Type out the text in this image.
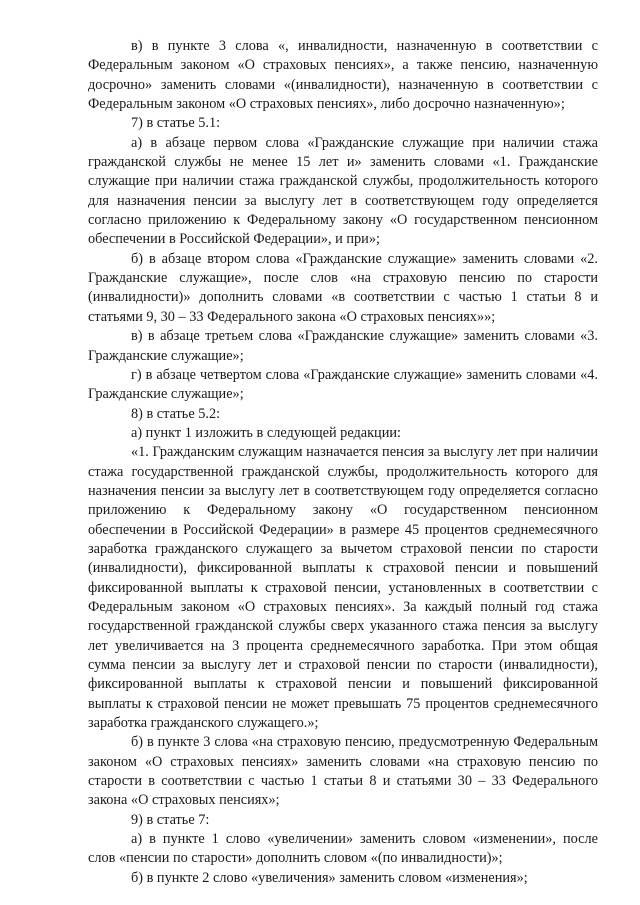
в) в пункте 3 слова «, инвалидности, назначенную в соответствии с Федеральным законом «О страховых пенсиях», а также пенсию, назначенную досрочно» заменить словами «(инвалидности), назначенную в соответствии с Федеральным законом «О страховых пенсиях», либо досрочно назначенную»;

7) в статье 5.1:

а) в абзаце первом слова «Гражданские служащие при наличии стажа гражданской службы не менее 15 лет и» заменить словами «1. Гражданские служащие при наличии стажа гражданской службы, продолжительность которого для назначения пенсии за выслугу лет в соответствующем году определяется согласно приложению к Федеральному закону «О государственном пенсионном обеспечении в Российской Федерации», и при»;

б) в абзаце втором слова «Гражданские служащие» заменить словами «2. Гражданские служащие», после слов «на страховую пенсию по старости (инвалидности)» дополнить словами «в соответствии с частью 1 статьи 8 и статьями 9, 30 – 33 Федерального закона «О страховых пенсиях»»;

в) в абзаце третьем слова «Гражданские служащие» заменить словами «3. Гражданские служащие»;

г) в абзаце четвертом слова «Гражданские служащие» заменить словами «4. Гражданские служащие»;

8) в статье 5.2:

а) пункт 1 изложить в следующей редакции:

«1. Гражданским служащим назначается пенсия за выслугу лет при наличии стажа государственной гражданской службы, продолжительность которого для назначения пенсии за выслугу лет в соответствующем году определяется согласно приложению к Федеральному закону «О государственном пенсионном обеспечении в Российской Федерации» в размере 45 процентов среднемесячного заработка гражданского служащего за вычетом страховой пенсии по старости (инвалидности), фиксированной выплаты к страховой пенсии и повышений фиксированной выплаты к страховой пенсии, установленных в соответствии с Федеральным законом «О страховых пенсиях». За каждый полный год стажа государственной гражданской службы сверх указанного стажа пенсия за выслугу лет увеличивается на 3 процента среднемесячного заработка. При этом общая сумма пенсии за выслугу лет и страховой пенсии по старости (инвалидности), фиксированной выплаты к страховой пенсии и повышений фиксированной выплаты к страховой пенсии не может превышать 75 процентов среднемесячного заработка гражданского служащего.»;

б) в пункте 3 слова «на страховую пенсию, предусмотренную Федеральным законом «О страховых пенсиях» заменить словами «на страховую пенсию по старости в соответствии с частью 1 статьи 8 и статьями 30 – 33 Федерального закона «О страховых пенсиях»;

9) в статье 7:

а) в пункте 1 слово «увеличении» заменить словом «изменении», после слов «пенсии по старости» дополнить словом «(по инвалидности)»;

б) в пункте 2 слово «увеличения» заменить словом «изменения»;
